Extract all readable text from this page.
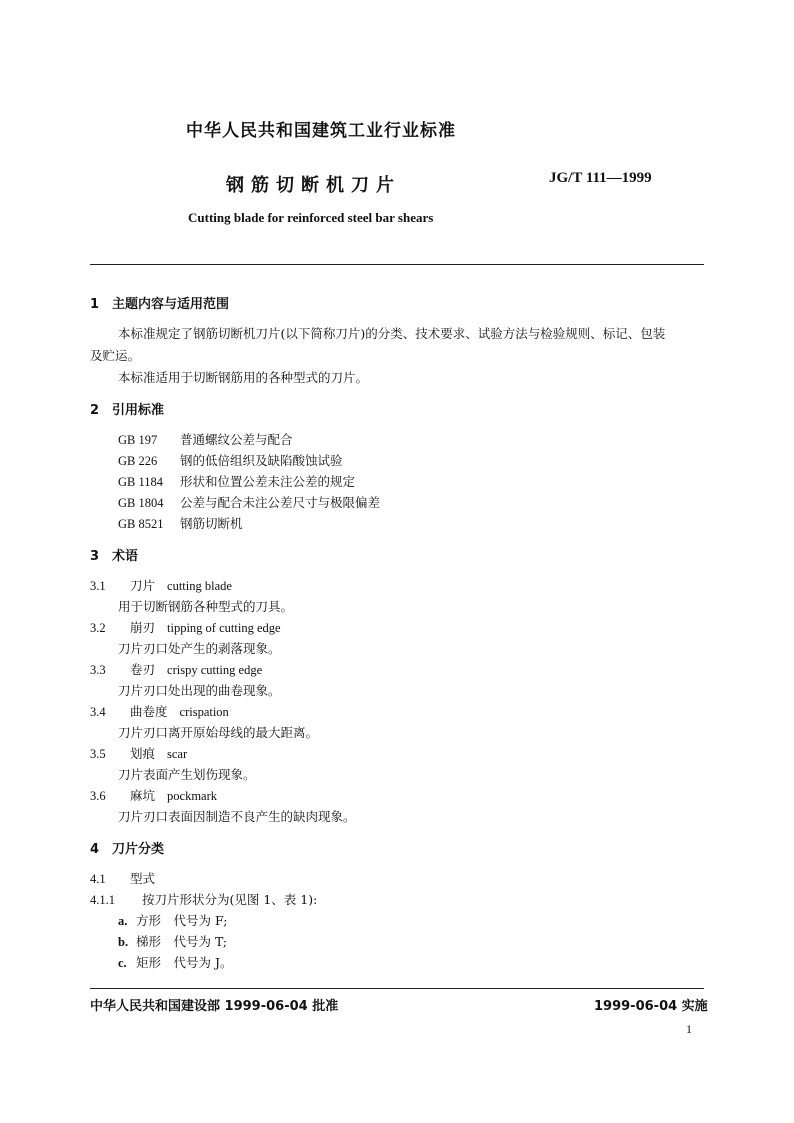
中华人民共和国建筑工业行业标准
钢筋切断机刀片	JG/T 111—1999
Cutting blade for reinforced steel bar shears
1 主题内容与适用范围
本标准规定了钢筋切断机刀片(以下简称刀片)的分类、技术要求、试验方法与检验规则、标记、包装
及贮运。
本标准适用于切断钢筋用的各种型式的刀片。
2 引用标准
GB 197 普通螺纹公差与配合
GB 226 钢的低倍组织及缺陷酸蚀试验
GB 1184 形状和位置公差未注公差的规定
GB 1804 公差与配合未注公差尺寸与极限偏差
GB 8521 钢筋切断机
3 术语
3.1 刀片 cutting blade
用于切断钢筋各种型式的刀具。
3.2 崩刃 tipping of cutting edge
刀片刃口处产生的剥落现象。
3.3 卷刃 crispy cutting edge
刀片刃口处出现的曲卷现象。
3.4 曲卷度 crispation
刀片刃口离开原始母线的最大距离。
3.5 划痕 scar
刀片表面产生划伤现象。
3.6 麻坑 pockmark
刀片刃口表面因制造不良产生的缺肉现象。
4 刀片分类
4.1 型式
4.1.1 按刀片形状分为(见图 1、表 1):
a. 方形　代号为 F;
b. 梯形　代号为 T;
c. 矩形　代号为 J。
中华人民共和国建设部 1999-06-04 批准	1999-06-04 实施
1
